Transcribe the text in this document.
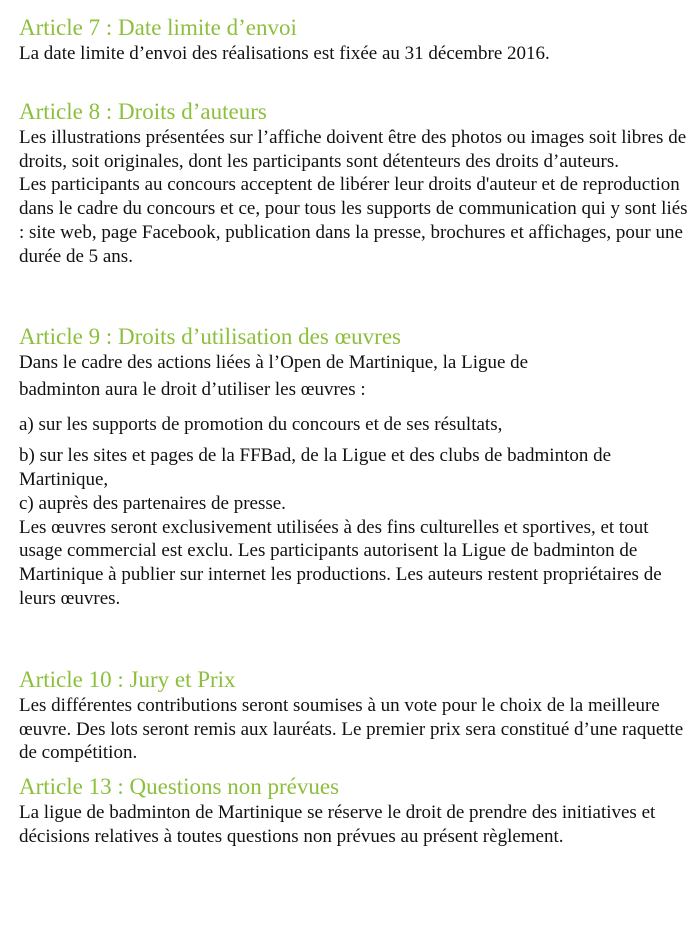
Article 7 : Date limite d’envoi
La date limite d’envoi des réalisations est fixée au 31 décembre 2016.
Article 8 : Droits d’auteurs
Les illustrations présentées sur l’affiche doivent être des photos ou images soit libres de droits, soit originales, dont les participants sont détenteurs des droits d’auteurs.
Les participants au concours acceptent de libérer leur droits d'auteur et de reproduction dans le cadre du concours et ce, pour tous les supports de communication qui y sont liés : site web, page Facebook, publication dans la presse, brochures et affichages, pour une durée de 5 ans.
Article 9 : Droits d’utilisation des œuvres
Dans le cadre des actions liées à l’Open de Martinique, la Ligue de
badminton aura le droit d’utiliser les œuvres :
a) sur les supports de promotion du concours et de ses résultats,
b) sur les sites et pages de la FFBad, de la Ligue et des clubs de badminton de Martinique,
c) auprès des partenaires de presse.
Les œuvres seront exclusivement utilisées à des fins culturelles et sportives, et tout usage commercial est exclu. Les participants autorisent la Ligue de badminton de Martinique à publier sur internet les productions. Les auteurs restent propriétaires de leurs œuvres.
Article 10 : Jury et Prix
Les différentes contributions seront soumises à un vote pour le choix de la meilleure œuvre. Des lots seront remis aux lauréats. Le premier prix sera constitué d’une raquette de compétition.
Article 13 : Questions non prévues
La ligue de badminton de Martinique se réserve le droit de prendre des initiatives et décisions relatives à toutes questions non prévues au présent règlement.
